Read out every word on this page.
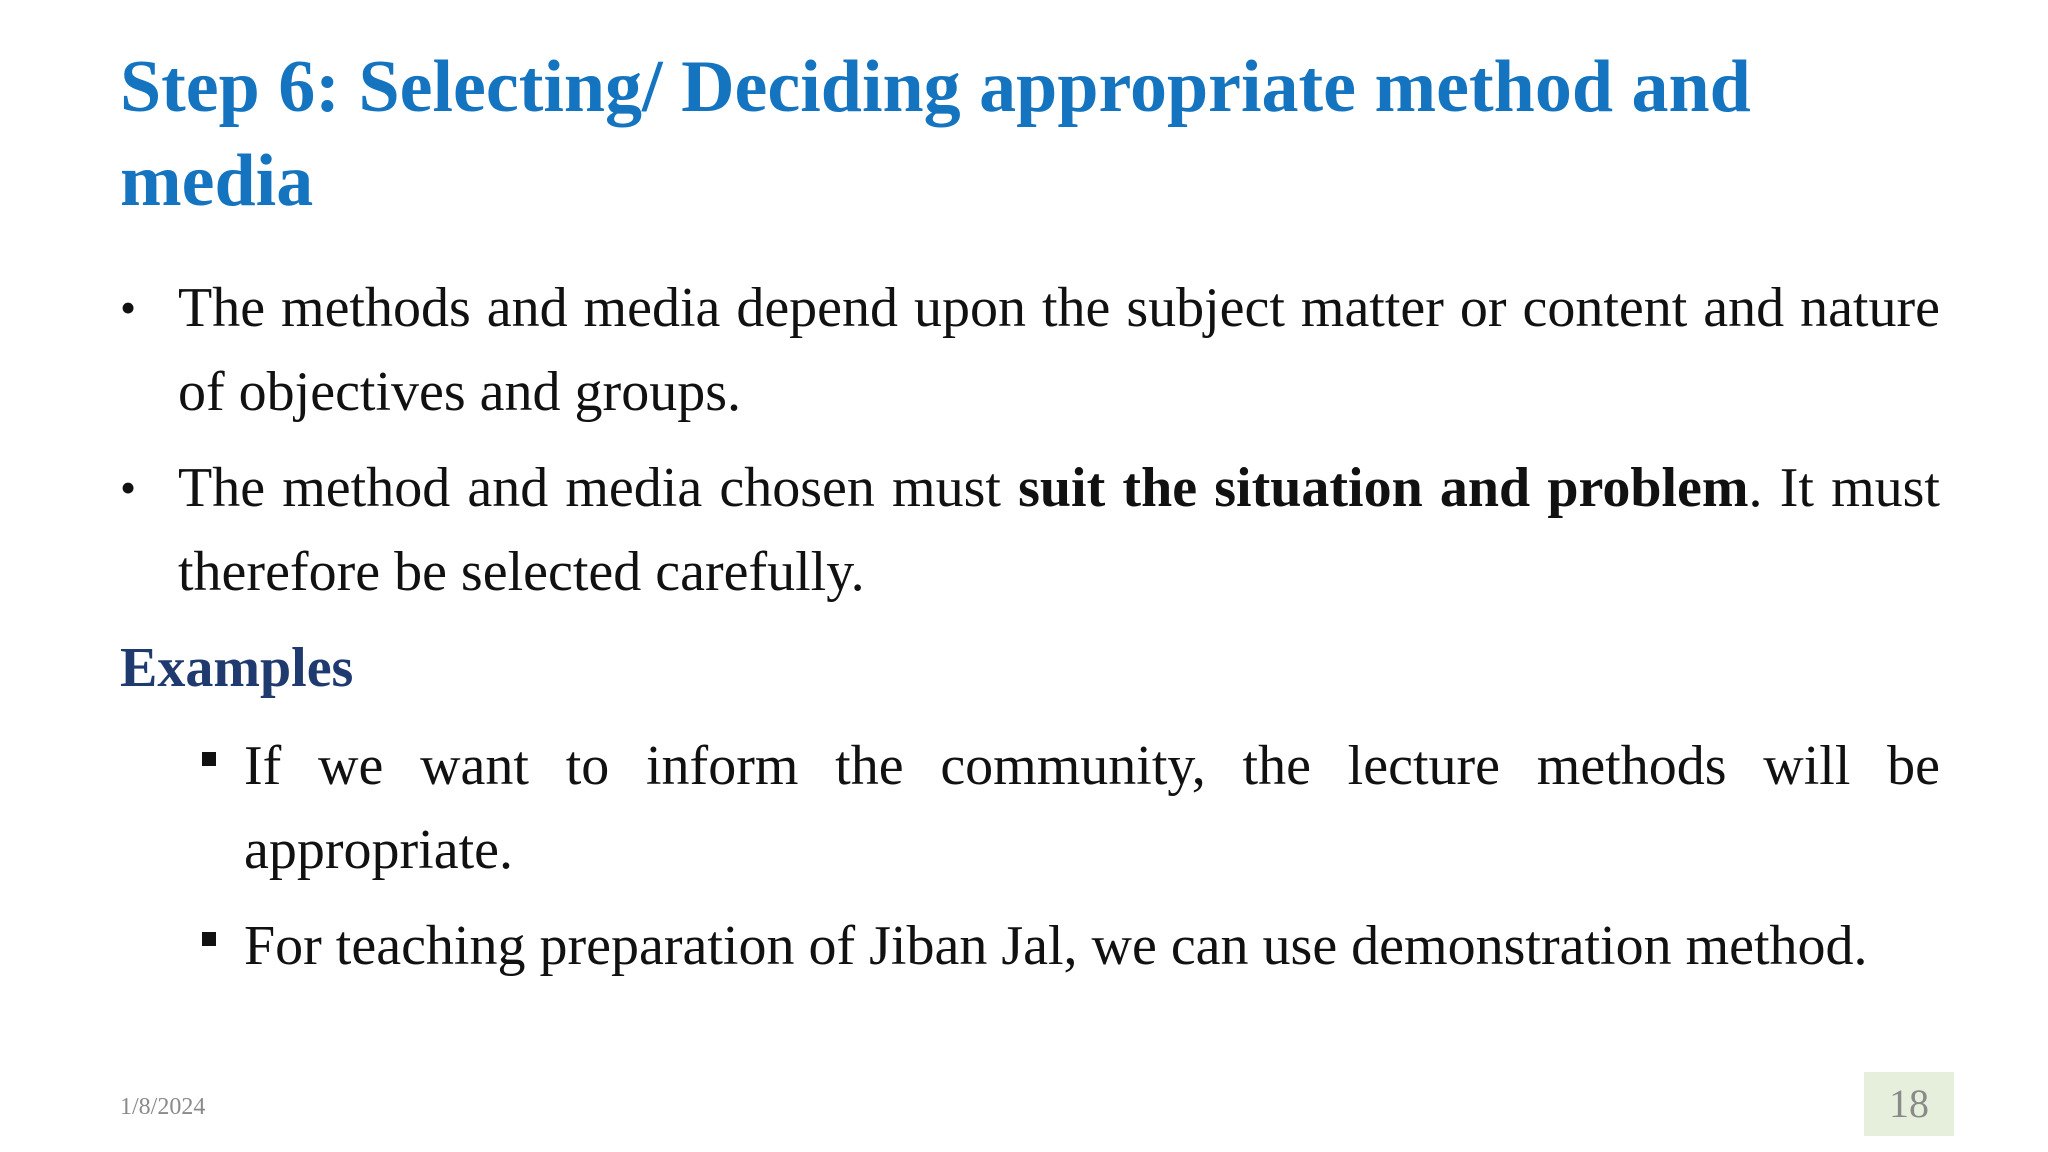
Step 6: Selecting/ Deciding appropriate method and media
• The methods and media depend upon the subject matter or content and nature of objectives and groups.
• The method and media chosen must suit the situation and problem. It must therefore be selected carefully.
Examples
If we want to inform the community, the lecture methods will be appropriate.
For teaching preparation of Jiban Jal, we can use demonstration method.
1/8/2024	18
